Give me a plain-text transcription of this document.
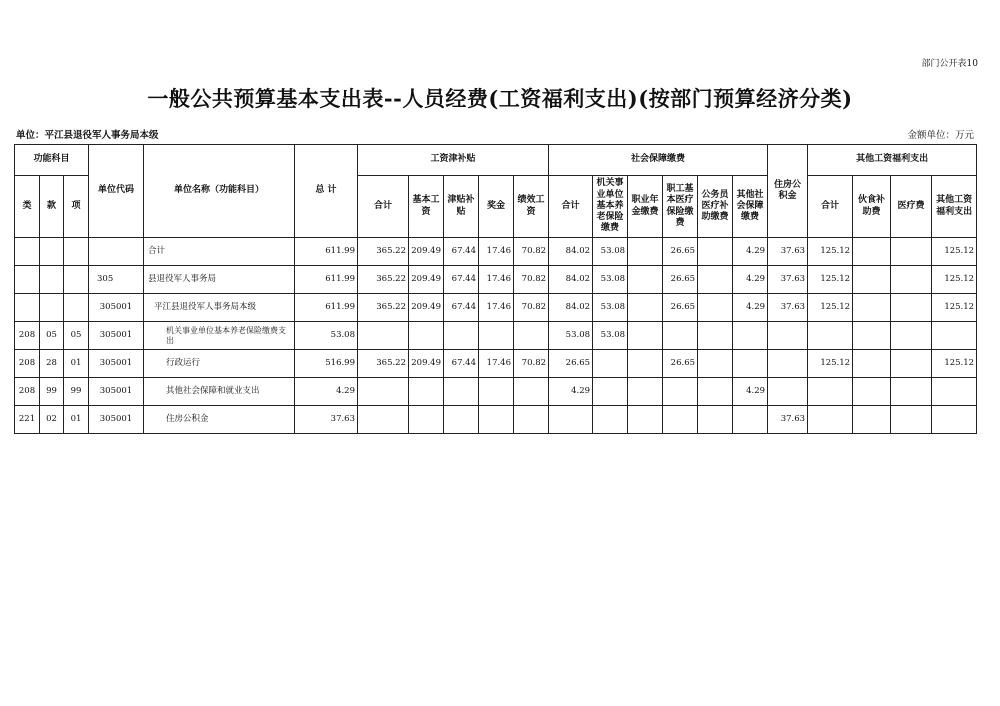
部门公开表10
一般公共预算基本支出表--人员经费(工资福利支出)(按部门预算经济分类)
单位：平江县退役军人事务局本级	金额单位：万元
功能科目			单位代码	单位名称（功能科目）	总 计	工资津补贴					社会保障缴费						住房公积金	其他工资福利支出			
类	款	项				合计	基本工资	津贴补贴	奖金	绩效工资	合计	机关事业单位基本养老保险缴费	职业年金缴费	职工基本医疗保险缴费	公务员医疗补助缴费	其他社会保障缴费		合计	伙食补助费	医疗费	其他工资福利支出
				合计	611.99	365.22	209.49	67.44	17.46	70.82	84.02	53.08		26.65		4.29	37.63	125.12			125.12
			305	县退役军人事务局	611.99	365.22	209.49	67.44	17.46	70.82	84.02	53.08		26.65		4.29	37.63	125.12			125.12
			305001	平江县退役军人事务局本级	611.99	365.22	209.49	67.44	17.46	70.82	84.02	53.08		26.65		4.29	37.63	125.12			125.12
208	05	05	305001	机关事业单位基本养老保险缴费支出	53.08						53.08	53.08									
208	28	01	305001	行政运行	516.99	365.22	209.49	67.44	17.46	70.82	26.65			26.65				125.12			125.12
208	99	99	305001	其他社会保障和就业支出	4.29						4.29					4.29					
221	02	01	305001	住房公积金	37.63												37.63				
